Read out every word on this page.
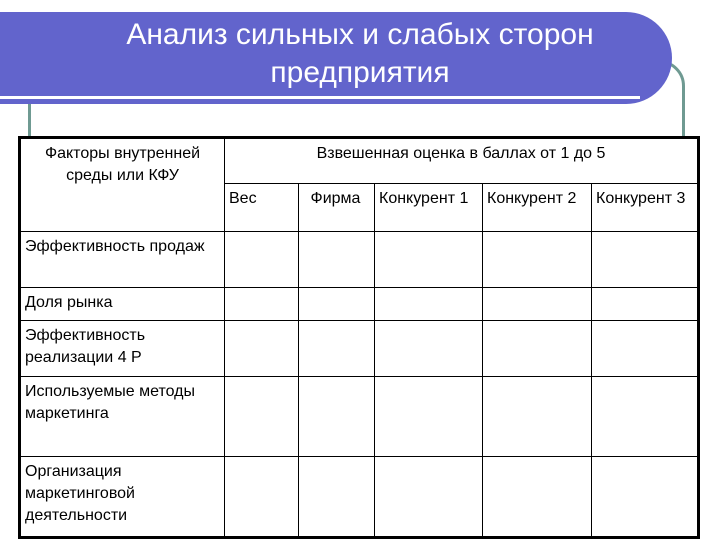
Анализ сильных и слабых сторон
предприятия
Факторы внутренней среды или КФУ	Взвешенная оценка в баллах от 1 до 5				
	Вес	Фирма	Конкурент 1	Конкурент 2	Конкурент 3
Эффективность продаж					
Доля рынка					
Эффективность реализации 4 Р					
Используемые методы маркетинга					
Организация маркетинговой деятельности					
